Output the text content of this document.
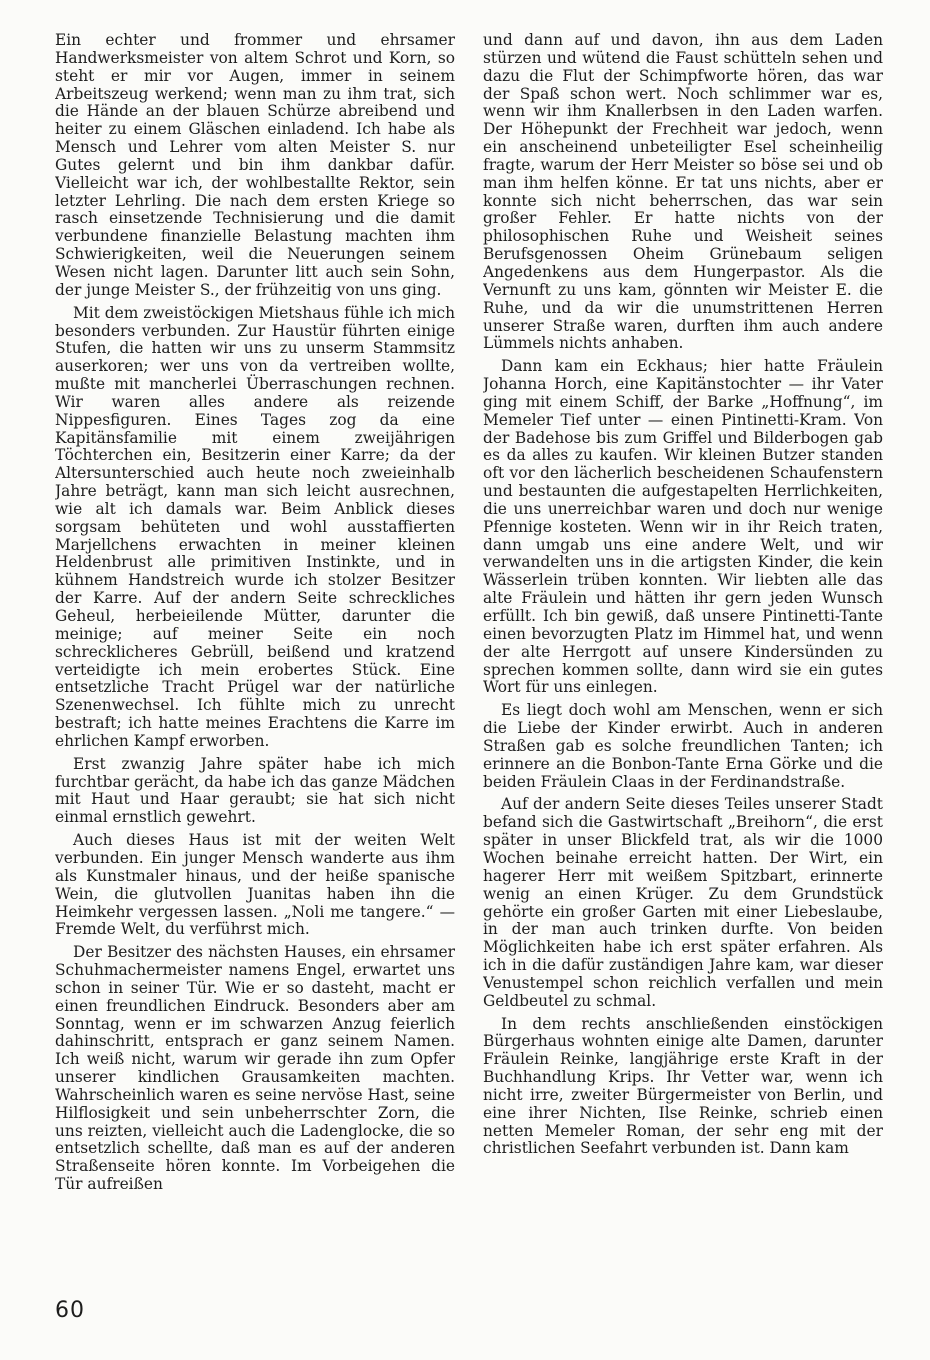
Ein echter und frommer und ehrsamer Handwerksmeister von altem Schrot und Korn, so steht er mir vor Augen, immer in seinem Arbeitszeug werkend; wenn man zu ihm trat, sich die Hände an der blauen Schürze abreibend und heiter zu einem Gläschen einladend. Ich habe als Mensch und Lehrer vom alten Meister S. nur Gutes gelernt und bin ihm dankbar dafür. Vielleicht war ich, der wohlbestallte Rektor, sein letzter Lehrling. Die nach dem ersten Kriege so rasch einsetzende Technisierung und die damit verbundene finanzielle Belastung machten ihm Schwierigkeiten, weil die Neuerungen seinem Wesen nicht lagen. Darunter litt auch sein Sohn, der junge Meister S., der frühzeitig von uns ging.

Mit dem zweistöckigen Mietshaus fühle ich mich besonders verbunden. Zur Haustür führten einige Stufen, die hatten wir uns zu unserm Stammsitz auserkoren; wer uns von da vertreiben wollte, mußte mit mancherlei Überraschungen rechnen. Wir waren alles andere als reizende Nippesfiguren. Eines Tages zog da eine Kapitänsfamilie mit einem zweijährigen Töchterchen ein, Besitzerin einer Karre; da der Altersunterschied auch heute noch zweieinhalb Jahre beträgt, kann man sich leicht ausrechnen, wie alt ich damals war. Beim Anblick dieses sorgsam behüteten und wohl ausstaffierten Marjellchens erwachten in meiner kleinen Heldenbrust alle primitiven Instinkte, und in kühnem Handstreich wurde ich stolzer Besitzer der Karre. Auf der andern Seite schreckliches Geheul, herbeieilende Mütter, darunter die meinige; auf meiner Seite ein noch schrecklicheres Gebrüll, beißend und kratzend verteidigte ich mein erobertes Stück. Eine entsetzliche Tracht Prügel war der natürliche Szenenwechsel. Ich fühlte mich zu unrecht bestraft; ich hatte meines Erachtens die Karre im ehrlichen Kampf erworben.

Erst zwanzig Jahre später habe ich mich furchtbar gerächt, da habe ich das ganze Mädchen mit Haut und Haar geraubt; sie hat sich nicht einmal ernstlich gewehrt.

Auch dieses Haus ist mit der weiten Welt verbunden. Ein junger Mensch wanderte aus ihm als Kunstmaler hinaus, und der heiße spanische Wein, die glutvollen Juanitas haben ihn die Heimkehr vergessen lassen. „Noli me tangere.“ — Fremde Welt, du verführst mich.

Der Besitzer des nächsten Hauses, ein ehrsamer Schuhmachermeister namens Engel, erwartet uns schon in seiner Tür. Wie er so dasteht, macht er einen freundlichen Eindruck. Besonders aber am Sonntag, wenn er im schwarzen Anzug feierlich dahinschritt, entsprach er ganz seinem Namen. Ich weiß nicht, warum wir gerade ihn zum Opfer unserer kindlichen Grausamkeiten machten. Wahrscheinlich waren es seine nervöse Hast, seine Hilflosigkeit und sein unbeherrschter Zorn, die uns reizten, vielleicht auch die Ladenglocke, die so entsetzlich schellte, daß man es auf der anderen Straßenseite hören konnte. Im Vorbeigehen die Tür aufreißen

und dann auf und davon, ihn aus dem Laden stürzen und wütend die Faust schütteln sehen und dazu die Flut der Schimpfworte hören, das war der Spaß schon wert. Noch schlimmer war es, wenn wir ihm Knallerbsen in den Laden warfen. Der Höhepunkt der Frechheit war jedoch, wenn ein anscheinend unbeteiligter Esel scheinheilig fragte, warum der Herr Meister so böse sei und ob man ihm helfen könne. Er tat uns nichts, aber er konnte sich nicht beherrschen, das war sein großer Fehler. Er hatte nichts von der philosophischen Ruhe und Weisheit seines Berufsgenossen Oheim Grünebaum seligen Angedenkens aus dem Hungerpastor. Als die Vernunft zu uns kam, gönnten wir Meister E. die Ruhe, und da wir die unumstrittenen Herren unserer Straße waren, durften ihm auch andere Lümmels nichts anhaben.

Dann kam ein Eckhaus; hier hatte Fräulein Johanna Horch, eine Kapitänstochter — ihr Vater ging mit einem Schiff, der Barke „Hoffnung“, im Memeler Tief unter — einen Pintinetti-Kram. Von der Badehose bis zum Griffel und Bilderbogen gab es da alles zu kaufen. Wir kleinen Butzer standen oft vor den lächerlich bescheidenen Schaufenstern und bestaunten die aufgestapelten Herrlichkeiten, die uns unerreichbar waren und doch nur wenige Pfennige kosteten. Wenn wir in ihr Reich traten, dann umgab uns eine andere Welt, und wir verwandelten uns in die artigsten Kinder, die kein Wässerlein trüben konnten. Wir liebten alle das alte Fräulein und hätten ihr gern jeden Wunsch erfüllt. Ich bin gewiß, daß unsere Pintinetti-Tante einen bevorzugten Platz im Himmel hat, und wenn der alte Herrgott auf unsere Kindersünden zu sprechen kommen sollte, dann wird sie ein gutes Wort für uns einlegen.

Es liegt doch wohl am Menschen, wenn er sich die Liebe der Kinder erwirbt. Auch in anderen Straßen gab es solche freundlichen Tanten; ich erinnere an die Bonbon-Tante Erna Görke und die beiden Fräulein Claas in der Ferdinandstraße.

Auf der andern Seite dieses Teiles unserer Stadt befand sich die Gastwirtschaft „Breihorn“, die erst später in unser Blickfeld trat, als wir die 1000 Wochen beinahe erreicht hatten. Der Wirt, ein hagerer Herr mit weißem Spitzbart, erinnerte wenig an einen Krüger. Zu dem Grundstück gehörte ein großer Garten mit einer Liebeslaube, in der man auch trinken durfte. Von beiden Möglichkeiten habe ich erst später erfahren. Als ich in die dafür zuständigen Jahre kam, war dieser Venustempel schon reichlich verfallen und mein Geldbeutel zu schmal.

In dem rechts anschließenden einstöckigen Bürgerhaus wohnten einige alte Damen, darunter Fräulein Reinke, langjährige erste Kraft in der Buchhandlung Krips. Ihr Vetter war, wenn ich nicht irre, zweiter Bürgermeister von Berlin, und eine ihrer Nichten, Ilse Reinke, schrieb einen netten Memeler Roman, der sehr eng mit der christlichen Seefahrt verbunden ist. Dann kam

60
